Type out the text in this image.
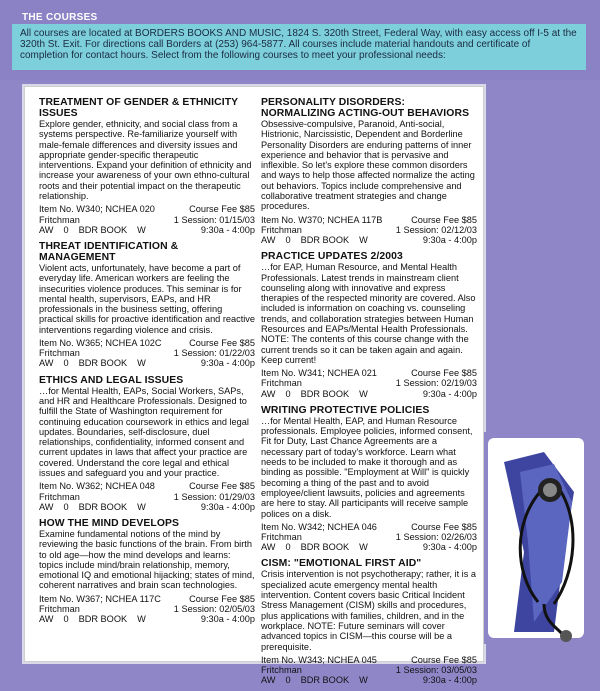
THE COURSES
All courses are located at BORDERS BOOKS AND MUSIC, 1824 S. 320th Street, Federal Way, with easy access off I-5 at the 320th St. Exit. For directions call Borders at (253) 964-5877. All courses include material handouts and certificate of completion for contact hours. Select from the following courses to meet your professional needs:
TREATMENT OF GENDER & ETHNICITY ISSUES

Explore gender, ethnicity, and social class from a systems perspective. Re-familiarize yourself with male-female differences and diversity issues and appropriate gender-specific therapeutic interventions. Expand your definition of ethnicity and increase your awareness of your own ethno-cultural roots and their potential impact on the therapeutic relationship.

Item No. W340; NCHEA 020	Course Fee $85
Fritchman	1 Session: 01/15/03
AW 0 BDR BOOK W	9:30a - 4:00p
THREAT IDENTIFICATION & MANAGEMENT

Violent acts, unfortunately, have become a part of everyday life. American workers are feeling the insecurities violence produces. This seminar is for mental health, supervisors, EAPs, and HR professionals in the business setting, offering practical skills for proactive identification and reactive interventions regarding violence and crisis.

Item No. W365; NCHEA 102C	Course Fee $85
Fritchman	1 Session: 01/22/03
AW 0 BDR BOOK W	9:30a - 4:00p
ETHICS AND LEGAL ISSUES

…for Mental Health, EAPs, Social Workers, SAPs, and HR and Healthcare Professionals. Designed to fulfill the State of Washington requirement for continuing education coursework in ethics and legal updates. Boundaries, self-disclosure, duel relationships, confidentiality, informed consent and current updates in laws that affect your practice are covered. Understand the core legal and ethical issues and safeguard you and your practice.

Item No. W362; NCHEA 048	Course Fee $85
Fritchman	1 Session: 01/29/03
AW 0 BDR BOOK W	9:30a - 4:00p
HOW THE MIND DEVELOPS

Examine fundamental notions of the mind by reviewing the basic functions of the brain. From birth to old age—how the mind develops and learns: topics include mind/brain relationship, memory, emotional IQ and emotional hijacking; states of mind, coherent narratives and brain scan technologies.

Item No. W367; NCHEA 117C	Course Fee $85
Fritchman	1 Session: 02/05/03
AW 0 BDR BOOK W	9:30a - 4:00p
PERSONALITY DISORDERS: NORMALIZING ACTING-OUT BEHAVIORS

Obsessive-compulsive, Paranoid, Anti-social, Histrionic, Narcissistic, Dependent and Borderline Personality Disorders are enduring patterns of inner experience and behavior that is pervasive and inflexible. So let's explore these common disorders and ways to help those affected normalize the acting out behaviors. Topics include comprehensive and collaborative treatment strategies and change procedures.

Item No. W370; NCHEA 117B	Course Fee $85
Fritchman	1 Session: 02/12/03
AW 0 BDR BOOK W	9:30a - 4:00p
PRACTICE UPDATES 2/2003

…for EAP, Human Resource, and Mental Health Professionals. Latest trends in mainstream client counseling along with innovative and express therapies of the respected minority are covered. Also included is information on coaching vs. counseling trends, and collaboration strategies between Human Resources and EAPs/Mental Health Professionals. NOTE: The contents of this course change with the current trends so it can be taken again and again. Keep current!

Item No. W341; NCHEA 021	Course Fee $85
Fritchman	1 Session: 02/19/03
AW 0 BDR BOOK W	9:30a - 4:00p
WRITING PROTECTIVE POLICIES

…for Mental Health, EAP, and Human Resource professionals. Employee policies, informed consent, Fit for Duty, Last Chance Agreements are a necessary part of today's workforce. Learn what needs to be included to make it thorough and as binding as possible. "Employment at Will" is quickly becoming a thing of the past and to avoid employee/client lawsuits, policies and agreements are here to stay. All participants will receive sample polices on a disk.

Item No. W342; NCHEA 046	Course Fee $85
Fritchman	1 Session: 02/26/03
AW 0 BDR BOOK W	9:30a - 4:00p
CISM: "EMOTIONAL FIRST AID"

Crisis intervention is not psychotherapy; rather, it is a specialized acute emergency mental health intervention. Content covers basic Critical Incident Stress Management (CISM) skills and procedures, plus applications with families, children, and in the workplace. NOTE: Future seminars will cover advanced topics in CISM—this course will be a prerequisite.

Item No. W343; NCHEA 045	Course Fee $85
Fritchman	1 Session: 03/05/03
AW 0 BDR BOOK W	9:30a - 4:00p
